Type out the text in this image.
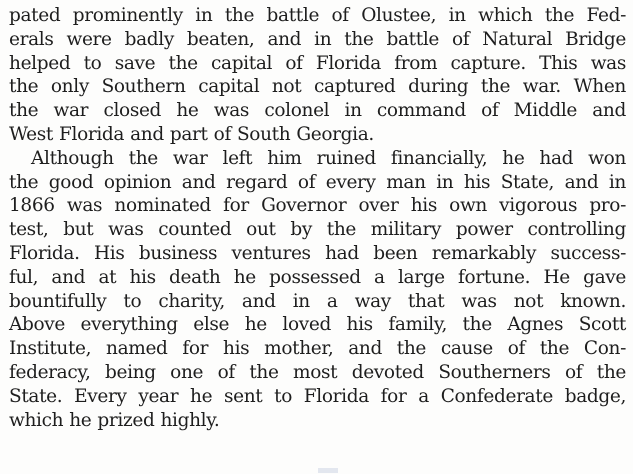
pated prominently in the battle of Olustee, in which the Fed-
erals were badly beaten, and in the battle of Natural Bridge
helped to save the capital of Florida from capture. This was
the only Southern capital not captured during the war. When
the war closed he was colonel in command of Middle and
West Florida and part of South Georgia.
Although the war left him ruined financially, he had won
the good opinion and regard of every man in his State, and in
1866 was nominated for Governor over his own vigorous pro-
test, but was counted out by the military power controlling
Florida. His business ventures had been remarkably success-
ful, and at his death he possessed a large fortune. He gave
bountifully to charity, and in a way that was not known.
Above everything else he loved his family, the Agnes Scott
Institute, named for his mother, and the cause of the Con-
federacy, being one of the most devoted Southerners of the
State. Every year he sent to Florida for a Confederate badge,
which he prized highly.
